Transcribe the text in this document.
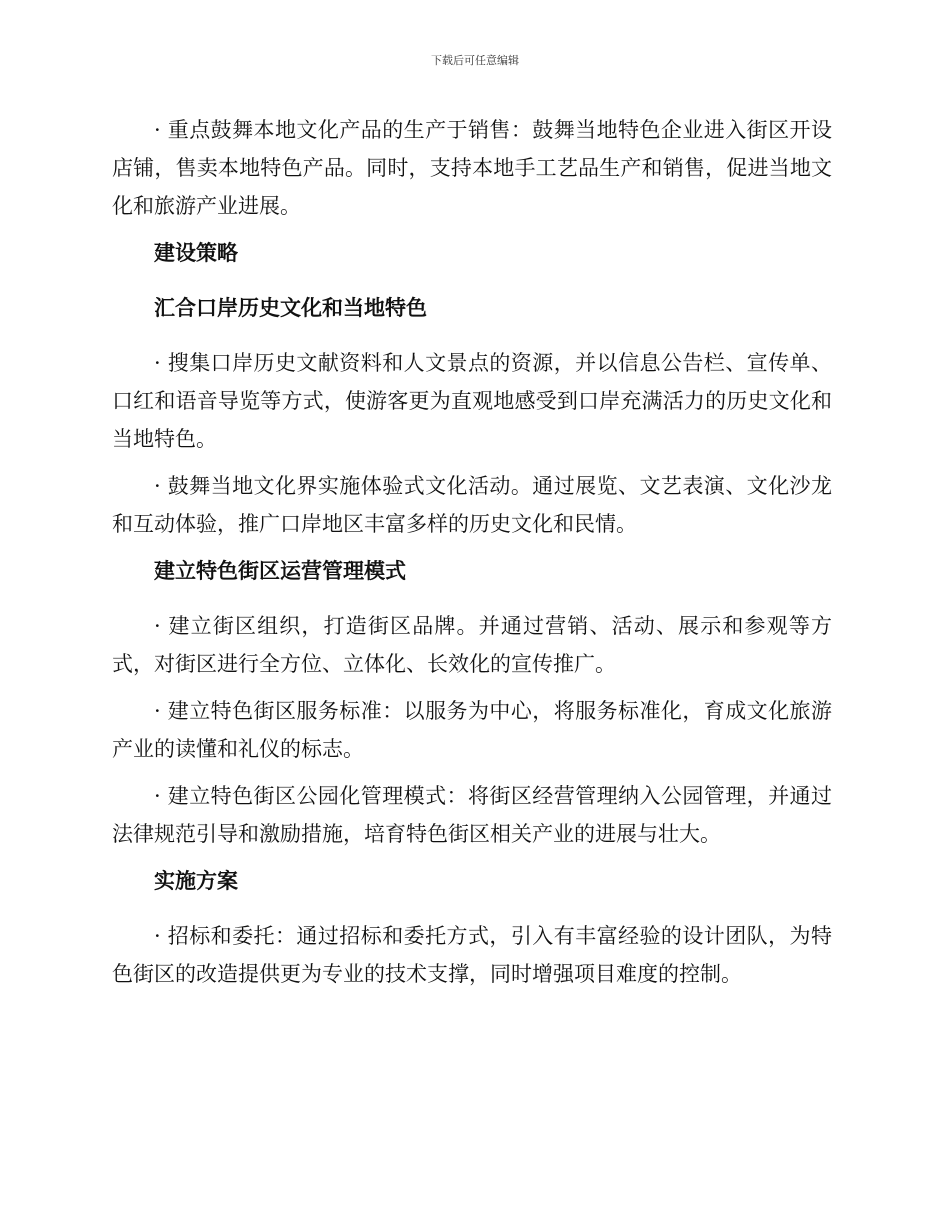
下载后可任意编辑

· 重点鼓舞本地文化产品的生产于销售：鼓舞当地特色企业进入街区开设店铺，售卖本地特色产品。同时，支持本地手工艺品生产和销售，促进当地文化和旅游产业进展。

建设策略
汇合口岸历史文化和当地特色

· 搜集口岸历史文献资料和人文景点的资源，并以信息公告栏、宣传单、口红和语音导览等方式，使游客更为直观地感受到口岸充满活力的历史文化和当地特色。

· 鼓舞当地文化界实施体验式文化活动。通过展览、文艺表演、文化沙龙和互动体验，推广口岸地区丰富多样的历史文化和民情。

建立特色街区运营管理模式

· 建立街区组织，打造街区品牌。并通过营销、活动、展示和参观等方式，对街区进行全方位、立体化、长效化的宣传推广。

· 建立特色街区服务标准：以服务为中心，将服务标准化，育成文化旅游产业的读懂和礼仪的标志。

· 建立特色街区公园化管理模式：将街区经营管理纳入公园管理，并通过法律规范引导和激励措施，培育特色街区相关产业的进展与壮大。

实施方案

· 招标和委托：通过招标和委托方式，引入有丰富经验的设计团队，为特色街区的改造提供更为专业的技术支撑，同时增强项目难度的控制。
